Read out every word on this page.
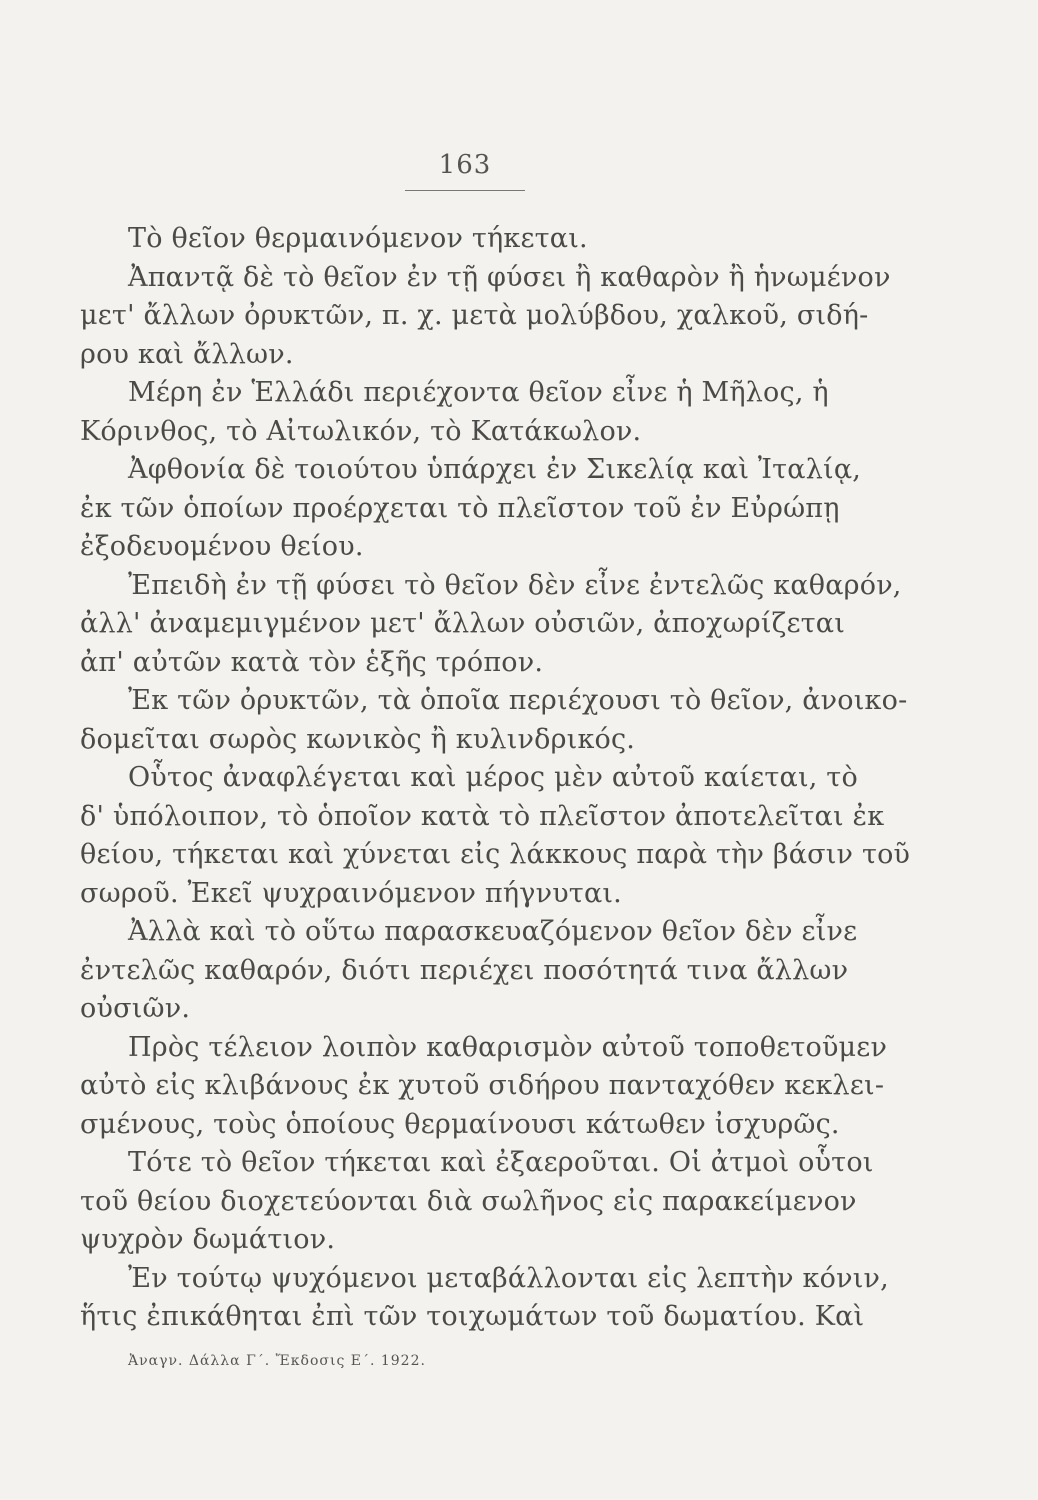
163
Τὸ θεῖον θερμαινόμενον τήκεται.
Ἀπαντᾷ δὲ τὸ θεῖον ἐν τῇ φύσει ἢ καθαρὸν ἢ ἡνωμένον
μετ' ἄλλων ὀρυκτῶν, π. χ. μετὰ μολύβδου, χαλκοῦ, σιδή-
ρου καὶ ἄλλων.
Μέρη ἐν Ἑλλάδι περιέχοντα θεῖον εἶνε ἡ Μῆλος, ἡ
Κόρινθος, τὸ Αἰτωλικόν, τὸ Κατάκωλον.
Ἀφθονία δὲ τοιούτου ὑπάρχει ἐν Σικελίᾳ καὶ Ἰταλίᾳ,
ἐκ τῶν ὁποίων προέρχεται τὸ πλεῖστον τοῦ ἐν Εὐρώπῃ
ἐξοδευομένου θείου.
Ἐπειδὴ ἐν τῇ φύσει τὸ θεῖον δὲν εἶνε ἐντελῶς καθαρόν,
ἀλλ' ἀναμεμιγμένον μετ' ἄλλων οὐσιῶν, ἀποχωρίζεται
ἀπ' αὐτῶν κατὰ τὸν ἑξῆς τρόπον.
Ἐκ τῶν ὀρυκτῶν, τὰ ὁποῖα περιέχουσι τὸ θεῖον, ἀνοικο-
δομεῖται σωρὸς κωνικὸς ἢ κυλινδρικός.
Οὗτος ἀναφλέγεται καὶ μέρος μὲν αὐτοῦ καίεται, τὸ
δ' ὑπόλοιπον, τὸ ὁποῖον κατὰ τὸ πλεῖστον ἀποτελεῖται ἐκ
θείου, τήκεται καὶ χύνεται εἰς λάκκους παρὰ τὴν βάσιν τοῦ
σωροῦ. Ἐκεῖ ψυχραινόμενον πήγνυται.
Ἀλλὰ καὶ τὸ οὕτω παρασκευαζόμενον θεῖον δὲν εἶνε
ἐντελῶς καθαρόν, διότι περιέχει ποσότητά τινα ἄλλων
οὐσιῶν.
Πρὸς τέλειον λοιπὸν καθαρισμὸν αὐτοῦ τοποθετοῦμεν
αὐτὸ εἰς κλιβάνους ἐκ χυτοῦ σιδήρου πανταχόθεν κεκλει-
σμένους, τοὺς ὁποίους θερμαίνουσι κάτωθεν ἰσχυρῶς.
Τότε τὸ θεῖον τήκεται καὶ ἐξαεροῦται. Οἱ ἀτμοὶ οὗτοι
τοῦ θείου διοχετεύονται διὰ σωλῆνος εἰς παρακείμενον
ψυχρὸν δωμάτιον.
Ἐν τούτῳ ψυχόμενοι μεταβάλλονται εἰς λεπτὴν κόνιν,
ἥτις ἐπικάθηται ἐπὶ τῶν τοιχωμάτων τοῦ δωματίου. Καὶ
Ἀναγν. Δάλλα Γ΄. Ἔκδοσις Ε΄. 1922.
